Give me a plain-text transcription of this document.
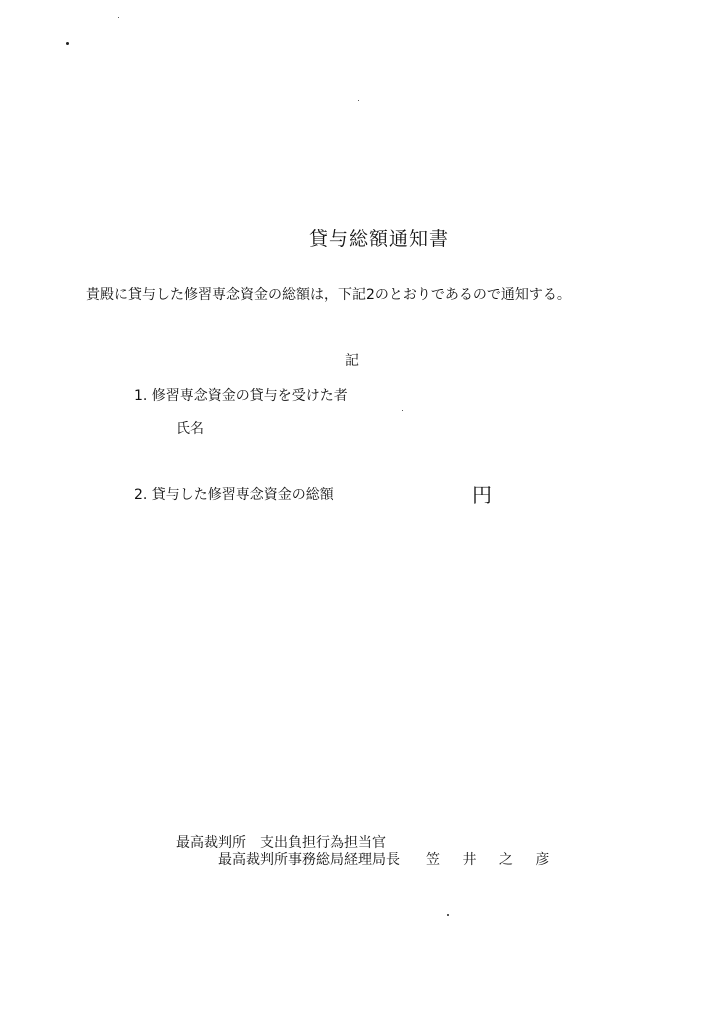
貸与総額通知書
貴殿に貸与した修習専念資金の総額は，下記2のとおりであるので通知する。
記
1. 修習専念資金の貸与を受けた者
氏名
2. 貸与した修習専念資金の総額	円
最高裁判所　支出負担行為担当官
最高裁判所事務総局経理局長 笠 井 之 彦
